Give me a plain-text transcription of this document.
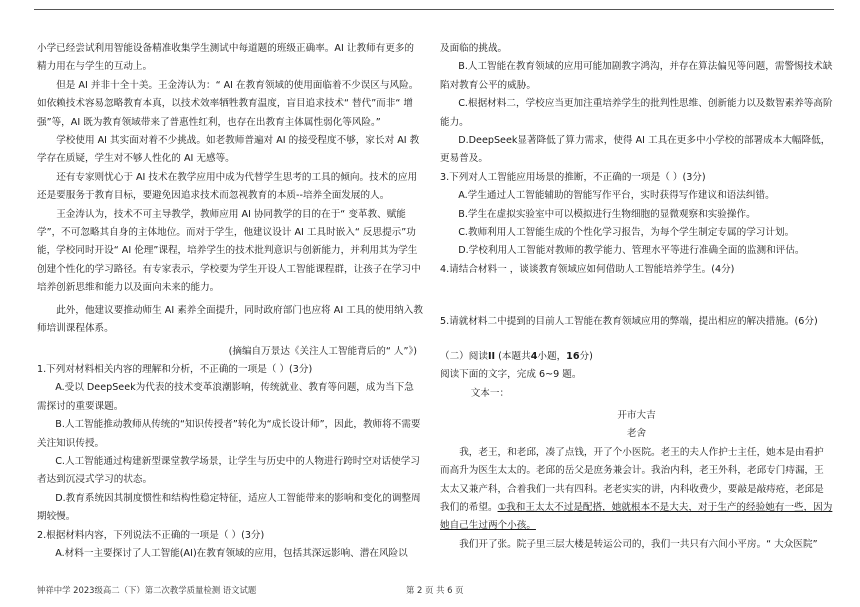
小学已经尝试利用智能设备精准收集学生测试中每道题的班级正确率。AI 让教师有更多的精力用在与学生的互动上。

但是 AI 并非十全十美。王金涛认为：“ AI 在教育领域的使用面临着不少误区与风险。如依赖技术容易忽略教育本真，以技术效率牺牲教育温度，盲目追求技术“ 替代”而非“ 增强”等，AI 既为教育领域带来了普惠性红利，也存在出教育主体属性弱化等风险。”

学校使用 AI 其实面对着不少挑战。如老教师普遍对 AI 的接受程度不够，家长对 AI 教学存在质疑，学生对不够人性化的 AI 无感等。

还有专家则忧心于 AI 技术在教学应用中成为代替学生思考的工具的倾向。技术的应用还是要服务于教育目标，要避免因追求技术而忽视教育的本质--培养全面发展的人。

王金涛认为，技术不可主导教学，教师应用 AI 协同教学的目的在于“ 变革教、赋能学”，不可忽略其自身的主体地位。而对于学生，他建议设计 AI 工具时嵌入“ 反思提示”功能，学校同时开设“ AI 伦理”课程，培养学生的技术批判意识与创新能力，并利用其为学生创建个性化的学习路径。有专家表示，学校要为学生开设人工智能课程群，让孩子在学习中培养创新思维和能力以及面向未来的能力。

此外，他建议要推动师生 AI 素养全面提升，同时政府部门也应将 AI 工具的使用纳入教师培训课程体系。

(摘编自万景达《关注人工智能背后的“ 人”》)

1.下列对材料相关内容的理解和分析，不正确的一项是（ ）(3分)

A.受以 DeepSeek为代表的技术变革浪潮影响，传统就业、教育等问题，成为当下急需探讨的重要课题。

B.人工智能推动教师从传统的“知识传授者”转化为“成长设计师”，因此，教师将不需要关注知识传授。

C.人工智能通过构建新型课堂教学场景，让学生与历史中的人物进行跨时空对话使学习者达到沉浸式学习的状态。

D.教育系统因其制度惯性和结构性稳定特征，适应人工智能带来的影响和变化的调整周期较慢。

2.根据材料内容，下列说法不正确的一项是（ ）(3分)

A.材料一主要探讨了人工智能(AI)在教育领域的应用，包括其深远影响、潜在风险以

及面临的挑战。

B.人工智能在教育领域的应用可能加剧教字鸿沟，并存在算法偏见等问题，需警惕技术缺陷对教育公平的威胁。

C.根据材料二，学校应当更加注重培养学生的批判性思维、创新能力以及数智素养等高阶能力。

D.DeepSeek显著降低了算力需求，使得 AI 工具在更多中小学校的部署成本大幅降低，更易普及。

3.下列对人工智能应用场景的推断，不正确的一项是（ ）(3分)

A.学生通过人工智能辅助的智能写作平台，实时获得写作建议和语法纠错。

B.学生在虚拟实验室中可以模拟进行生物细胞的显微观察和实验操作。

C.教师利用人工智能生成的个性化学习报告，为每个学生制定专属的学习计划。

D.学校利用人工智能对教师的教学能力、管理水平等进行准确全面的监测和评估。

4.请结合材料一 ，谈谈教育领域应如何借助人工智能培养学生。(4分)

5.请就材料二中提到的目前人工智能在教育领域应用的弊端，提出相应的解决措施。(6分)

（二）阅读II (本题共4小题，16分)

阅读下面的文字，完成 6~9 题。

文本一：

开市大吉

老舍

我，老王，和老邱，凑了点钱，开了个小医院。老王的夫人作护士主任，她本是由看护而高升为医生太太的。老邱的岳父是庶务兼会计。我治内科，老王外科，老邱专门痔漏，王太太又兼产科，合着我们一共有四科。老老实实的讲，内科收费少，要敲是敲痔疮，老邱是我们的希望。①我和王太太不过是配搭，她就根本不是大夫，对于生产的经验她有一些，因为她自己生过两个小孩。

我们开了张。院子里三层大楼是转运公司的，我们一共只有六间小平房。“ 大众医院”

钟祥中学 2023级高二（下）第二次教学质量检测 语文试题	第 2 页 共 6 页
